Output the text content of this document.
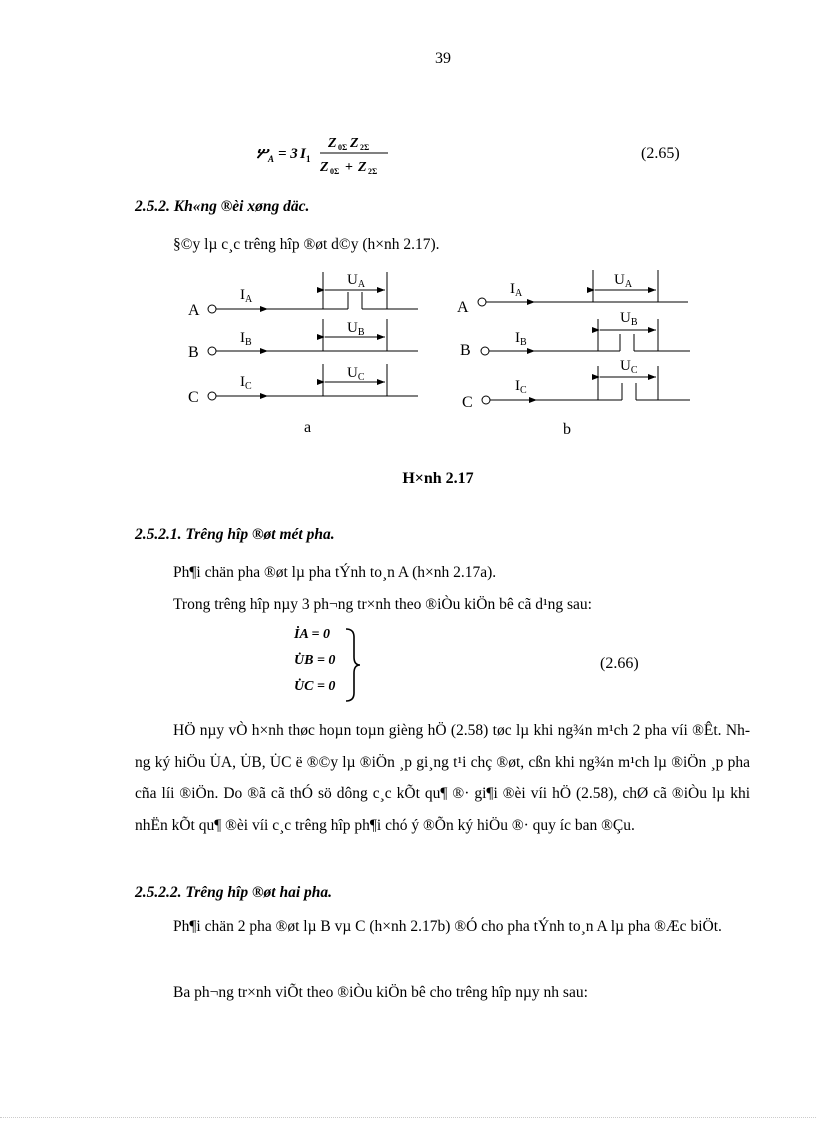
39
ሦ A = 3 I 1
Z 0Σ Z 2Σ
Z 0Σ + Z 2Σ
(2.65)
2.5.2. Kh«ng ®èi xøng däc.
§©y lµ c¸c trêng hîp ®øt d©y (h×nh 2.17).
A
$I_A$
$U_A$
B
$I_B$
$U_B$
C
$I_C$
$U_C$
a
A
$I_A$
$U_A$
B
$I_B$
$U_B$
C
$I_C$
$U_C$
b
H×nh 2.17
2.5.2.1. Trêng hîp ®øt mét pha.
Ph¶i chän pha ®øt lµ pha tÝnh to¸n A (h×nh 2.17a).
Trong trêng hîp nµy 3 ph¬ng tr×nh theo ®iÒu kiÖn bê cã d¹ng sau:
İA = 0
U̇B = 0
U̇C = 0
(2.66)
HÖ nµy vÒ h×nh thøc hoµn toµn gièng hÖ (2.58) tøc lµ khi ng¾n m¹ch 2 pha víi ®Êt. Nhng ký hiÖu U̇A, U̇B, U̇C ë ®©y lµ ®iÖn ¸p gi¸ng t¹i chç ®øt, cßn khi ng¾n m¹ch lµ ®iÖn ¸p pha cña líi ®iÖn. Do ®ã cã thÓ sö dông c¸c kÕt qu¶ ®· gi¶i ®èi víi hÖ (2.58), chØ cã ®iÒu lµ khi nhËn kÕt qu¶ ®èi víi c¸c trêng hîp ph¶i chó ý ®Õn ký hiÖu ®· quy íc ban ®Çu.
2.5.2.2. Trêng hîp ®øt hai pha.
Ph¶i chän 2 pha ®øt lµ B vµ C (h×nh 2.17b) ®Ó cho pha tÝnh to¸n A lµ pha ®Æc biÖt.
Ba ph¬ng tr×nh viÕt theo ®iÒu kiÖn bê cho trêng hîp nµy nh sau:
